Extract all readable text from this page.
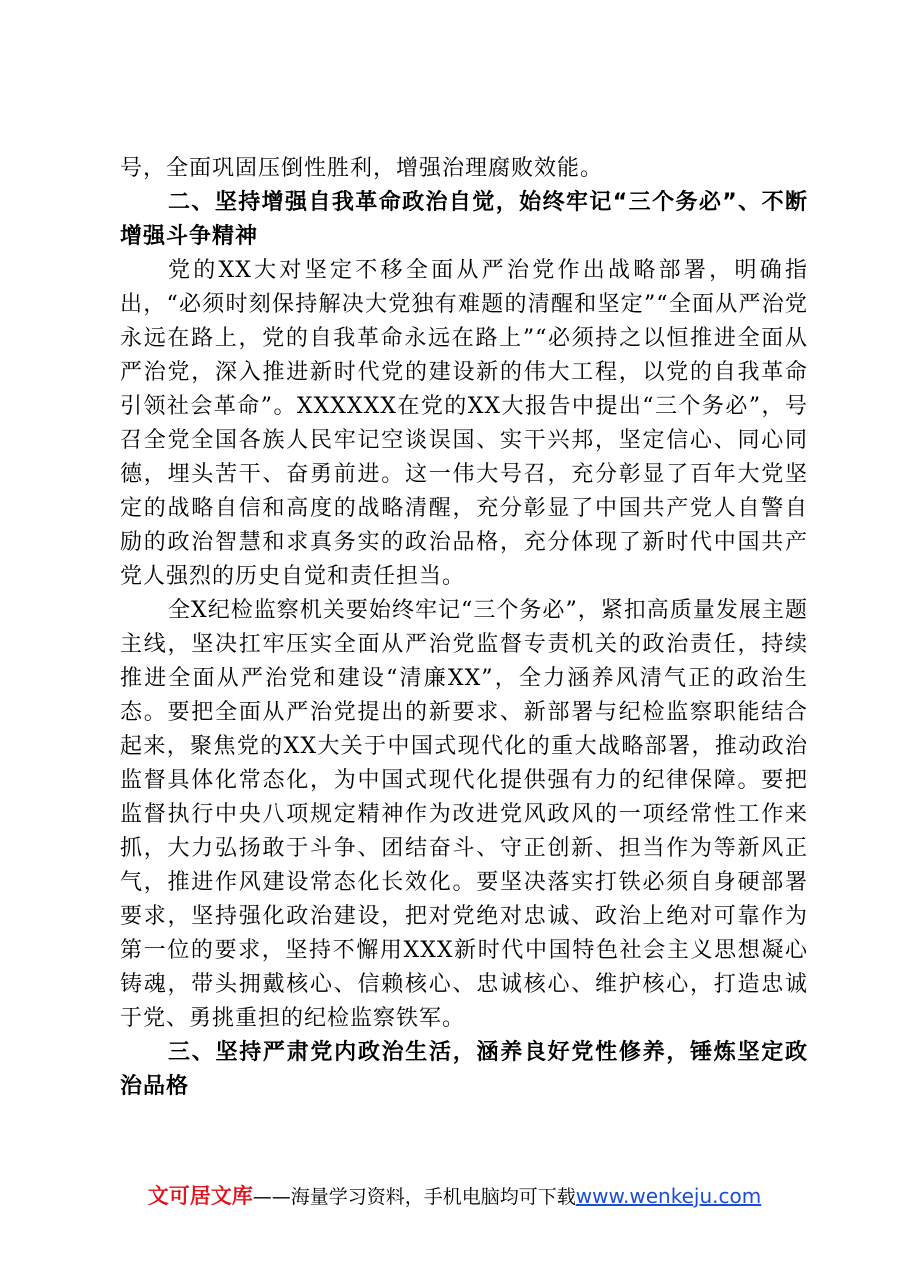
号，全面巩固压倒性胜利，增强治理腐败效能。

二、坚持增强自我革命政治自觉，始终牢记“三个务必”、不断增强斗争精神

党的XX大对坚定不移全面从严治党作出战略部署，明确指出，“必须时刻保持解决大党独有难题的清醒和坚定”“全面从严治党永远在路上，党的自我革命永远在路上”“必须持之以恒推进全面从严治党，深入推进新时代党的建设新的伟大工程，以党的自我革命引领社会革命”。XXXXXX在党的XX大报告中提出“三个务必”，号召全党全国各族人民牢记空谈误国、实干兴邦，坚定信心、同心同德，埋头苦干、奋勇前进。这一伟大号召，充分彰显了百年大党坚定的战略自信和高度的战略清醒，充分彰显了中国共产党人自警自励的政治智慧和求真务实的政治品格，充分体现了新时代中国共产党人强烈的历史自觉和责任担当。

全X纪检监察机关要始终牢记“三个务必”，紧扣高质量发展主题主线，坚决扛牢压实全面从严治党监督专责机关的政治责任，持续推进全面从严治党和建设“清廉XX”，全力涵养风清气正的政治生态。要把全面从严治党提出的新要求、新部署与纪检监察职能结合起来，聚焦党的XX大关于中国式现代化的重大战略部署，推动政治监督具体化常态化，为中国式现代化提供强有力的纪律保障。要把监督执行中央八项规定精神作为改进党风政风的一项经常性工作来抓，大力弘扬敢于斗争、团结奋斗、守正创新、担当作为等新风正气，推进作风建设常态化长效化。要坚决落实打铁必须自身硬部署要求，坚持强化政治建设，把对党绝对忠诚、政治上绝对可靠作为第一位的要求，坚持不懈用XXX新时代中国特色社会主义思想凝心铸魂，带头拥戴核心、信赖核心、忠诚核心、维护核心，打造忠诚于党、勇挑重担的纪检监察铁军。

三、坚持严肃党内政治生活，涵养良好党性修养，锤炼坚定政治品格

文可居文库——海量学习资料，手机电脑均可下载www.wenkeju.com
